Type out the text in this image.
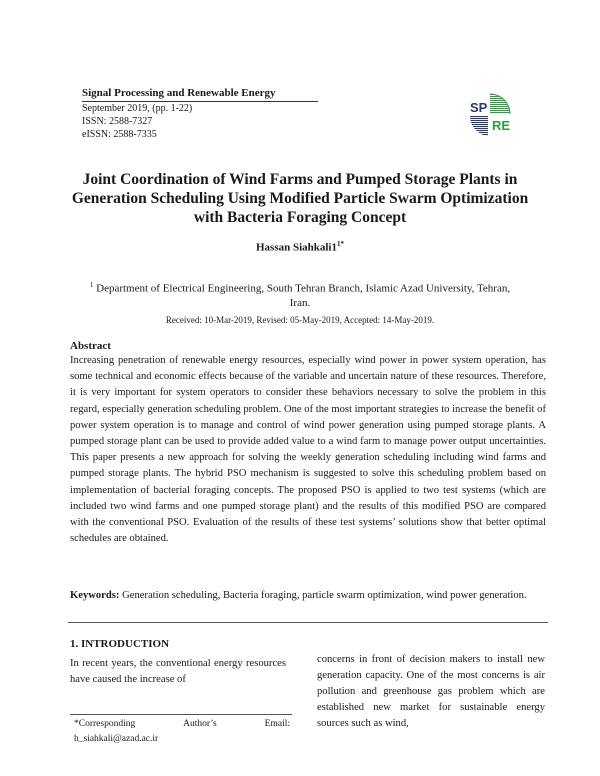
Signal Processing and Renewable Energy
September 2019, (pp. 1-22)
ISSN: 2588-7327
eISSN: 2588-7335
SP
RE
Joint Coordination of Wind Farms and Pumped Storage Plants in Generation Scheduling Using Modified Particle Swarm Optimization with Bacteria Foraging Concept
Hassan $Siahkali1^{1*}$
$^1$ Department of Electrical Engineering, South Tehran Branch, Islamic Azad University, Tehran, Iran.
Received: 10-Mar-2019, Revised: 05-May-2019, Accepted: 14-May-2019.
Abstract
Increasing penetration of renewable energy resources, especially wind power in power system operation, has some technical and economic effects because of the variable and uncertain nature of these resources. Therefore, it is very important for system operators to consider these behaviors necessary to solve the problem in this regard, especially generation scheduling problem. One of the most important strategies to increase the benefit of power system operation is to manage and control of wind power generation using pumped storage plants. A pumped storage plant can be used to provide added value to a wind farm to manage power output uncertainties. This paper presents a new approach for solving the weekly generation scheduling including wind farms and pumped storage plants. The hybrid PSO mechanism is suggested to solve this scheduling problem based on implementation of bacterial foraging concepts. The proposed PSO is applied to two test systems (which are included two wind farms and one pumped storage plant) and the results of this modified PSO are compared with the conventional PSO. Evaluation of the results of these test systems’ solutions show that better optimal schedules are obtained.
Keywords: Generation scheduling, Bacteria foraging, particle swarm optimization, wind power generation.
1. INTRODUCTION
In recent years, the conventional energy resources have caused the increase of
concerns in front of decision makers to install new generation capacity. One of the most concerns is air pollution and greenhouse gas problem which are established new market for sustainable energy sources such as wind,
*Corresponding	Author’s	Email:
h_siahkali@azad.ac.ir
